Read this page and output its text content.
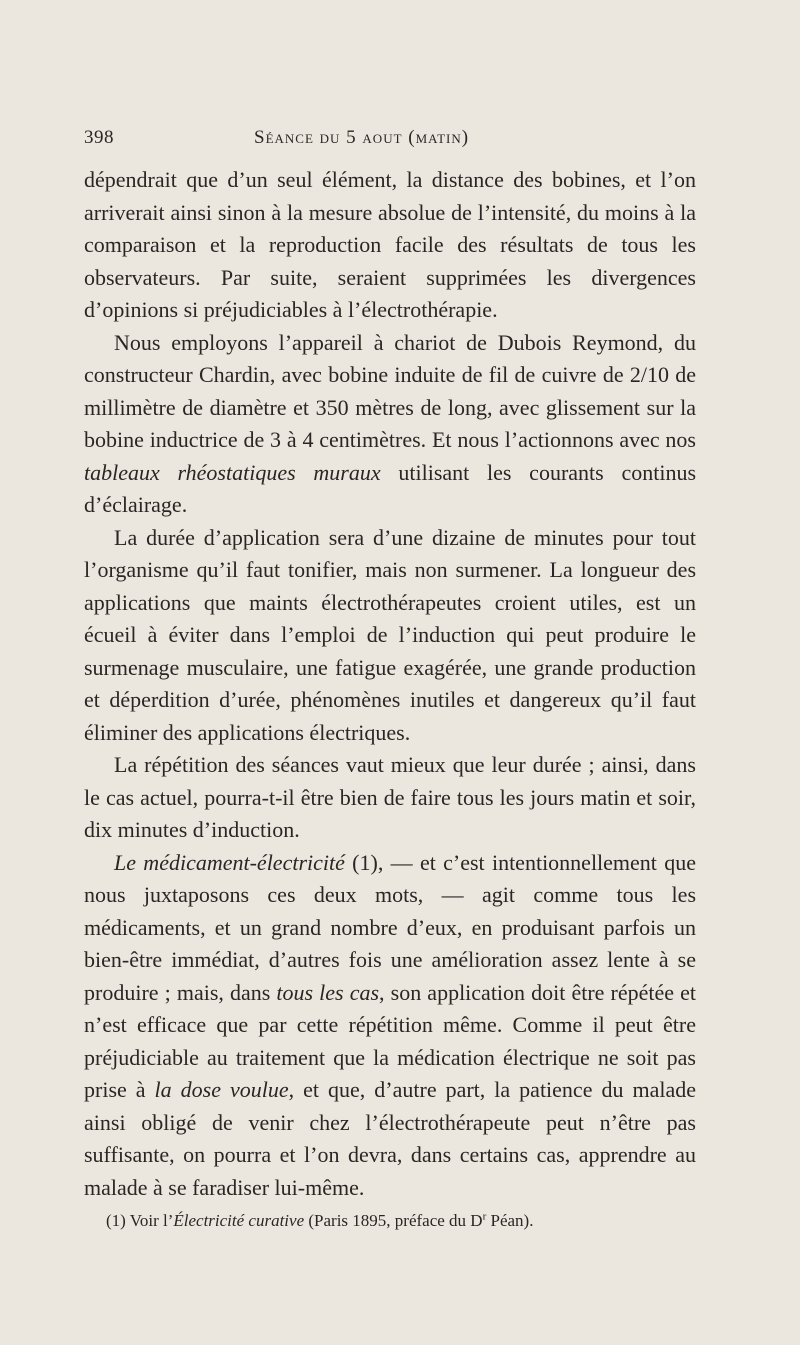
398	Séance du 5 aout (matin)

dépendrait que d’un seul élément, la distance des bobines, et l’on arriverait ainsi sinon à la mesure absolue de l’intensité, du moins à la comparaison et la reproduction facile des résultats de tous les observateurs. Par suite, seraient supprimées les divergences d’opinions si préjudiciables à l’électrothérapie.

Nous employons l’appareil à chariot de Dubois Reymond, du constructeur Chardin, avec bobine induite de fil de cuivre de 2/10 de millimètre de diamètre et 350 mètres de long, avec glissement sur la bobine inductrice de 3 à 4 centimètres. Et nous l’actionnons avec nos tableaux rhéostatiques muraux utilisant les courants continus d’éclairage.

La durée d’application sera d’une dizaine de minutes pour tout l’organisme qu’il faut tonifier, mais non surmener. La longueur des applications que maints électrothérapeutes croient utiles, est un écueil à éviter dans l’emploi de l’induction qui peut produire le surmenage musculaire, une fatigue exagérée, une grande production et déperdition d’urée, phénomènes inutiles et dangereux qu’il faut éliminer des applications électriques.

La répétition des séances vaut mieux que leur durée ; ainsi, dans le cas actuel, pourra-t-il être bien de faire tous les jours matin et soir, dix minutes d’induction.

Le médicament-électricité (1), — et c’est intentionnellement que nous juxtaposons ces deux mots, — agit comme tous les médicaments, et un grand nombre d’eux, en produisant parfois un bien-être immédiat, d’autres fois une amélioration assez lente à se produire ; mais, dans tous les cas, son application doit être répétée et n’est efficace que par cette répétition même. Comme il peut être préjudiciable au traitement que la médication électrique ne soit pas prise à la dose voulue, et que, d’autre part, la patience du malade ainsi obligé de venir chez l’électrothérapeute peut n’être pas suffisante, on pourra et l’on devra, dans certains cas, apprendre au malade à se faradiser lui-même.

(1) Voir l’Électricité curative (Paris 1895, préface du $D^r$ Péan).
